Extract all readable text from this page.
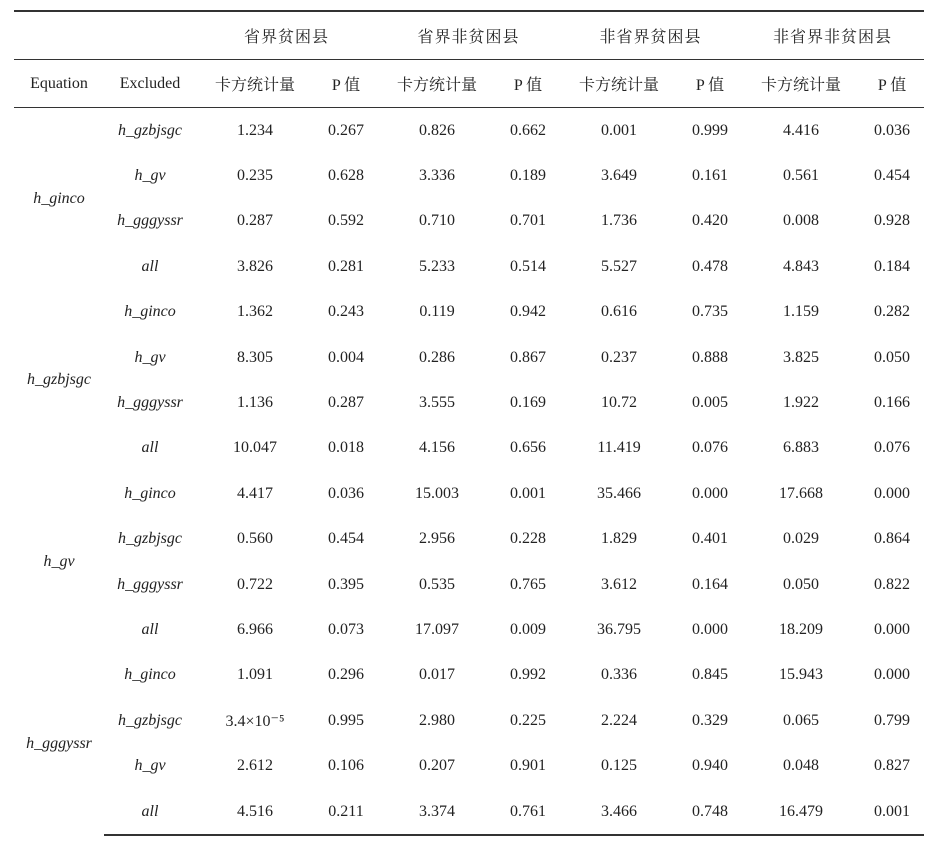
		省界贫困县		省界非贫困县		非省界贫困县		非省界非贫困县	
Equation	Excluded	卡方统计量	P 值	卡方统计量	P 值	卡方统计量	P 值	卡方统计量	P 值
h_ginco	h_gzbjsgc	1.234	0.267	0.826	0.662	0.001	0.999	4.416	0.036
	h_gv	0.235	0.628	3.336	0.189	3.649	0.161	0.561	0.454
	h_gggyssr	0.287	0.592	0.710	0.701	1.736	0.420	0.008	0.928
	all	3.826	0.281	5.233	0.514	5.527	0.478	4.843	0.184
h_gzbjsgc	h_ginco	1.362	0.243	0.119	0.942	0.616	0.735	1.159	0.282
	h_gv	8.305	0.004	0.286	0.867	0.237	0.888	3.825	0.050
	h_gggyssr	1.136	0.287	3.555	0.169	10.72	0.005	1.922	0.166
	all	10.047	0.018	4.156	0.656	11.419	0.076	6.883	0.076
h_gv	h_ginco	4.417	0.036	15.003	0.001	35.466	0.000	17.668	0.000
	h_gzbjsgc	0.560	0.454	2.956	0.228	1.829	0.401	0.029	0.864
	h_gggyssr	0.722	0.395	0.535	0.765	3.612	0.164	0.050	0.822
	all	6.966	0.073	17.097	0.009	36.795	0.000	18.209	0.000
h_gggyssr	h_ginco	1.091	0.296	0.017	0.992	0.336	0.845	15.943	0.000
	h_gzbjsgc	3.4×10⁻⁵	0.995	2.980	0.225	2.224	0.329	0.065	0.799
	h_gv	2.612	0.106	0.207	0.901	0.125	0.940	0.048	0.827
	all	4.516	0.211	3.374	0.761	3.466	0.748	16.479	0.001
